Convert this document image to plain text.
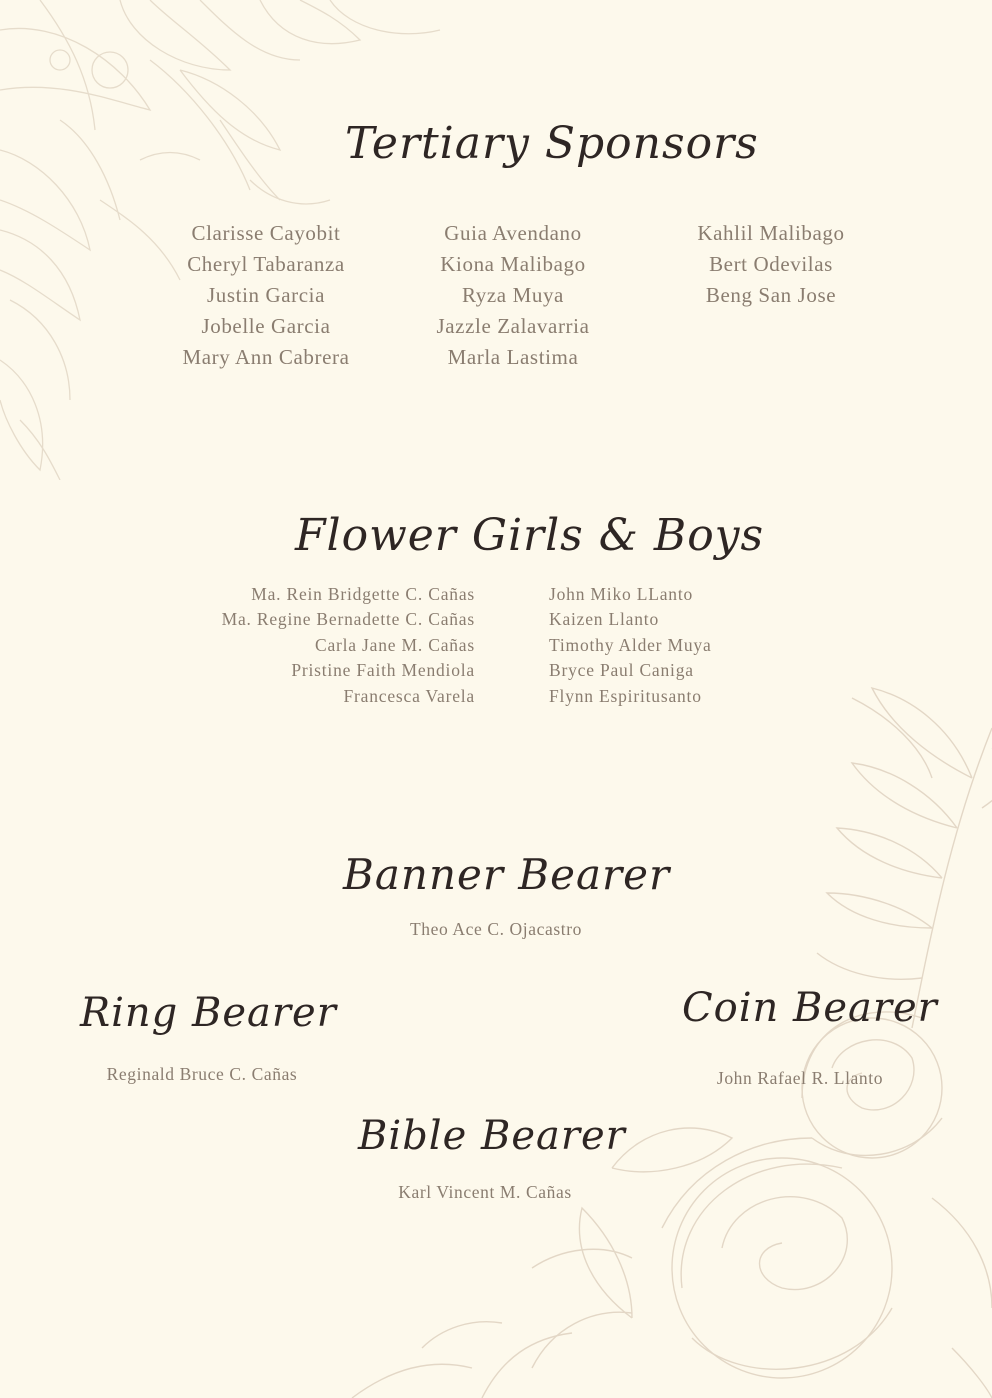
Tertiary Sponsors
Clarisse Cayobit
Cheryl Tabaranza
Justin Garcia
Jobelle Garcia
Mary Ann Cabrera
Guia Avendano
Kiona Malibago
Ryza Muya
Jazzle Zalavarria
Marla Lastima
Kahlil Malibago
Bert Odevilas
Beng San Jose
Flower Girls & Boys
Ma. Rein Bridgette C. Cañas
Ma. Regine Bernadette C. Cañas
Carla Jane M. Cañas
Pristine Faith Mendiola
Francesca Varela
John Miko LLanto
Kaizen Llanto
Timothy Alder Muya
Bryce Paul Caniga
Flynn Espiritusanto
Banner Bearer
Theo Ace C. Ojacastro
Ring Bearer
Reginald Bruce C. Cañas
Coin Bearer
John Rafael R. Llanto
Bible Bearer
Karl Vincent M. Cañas
